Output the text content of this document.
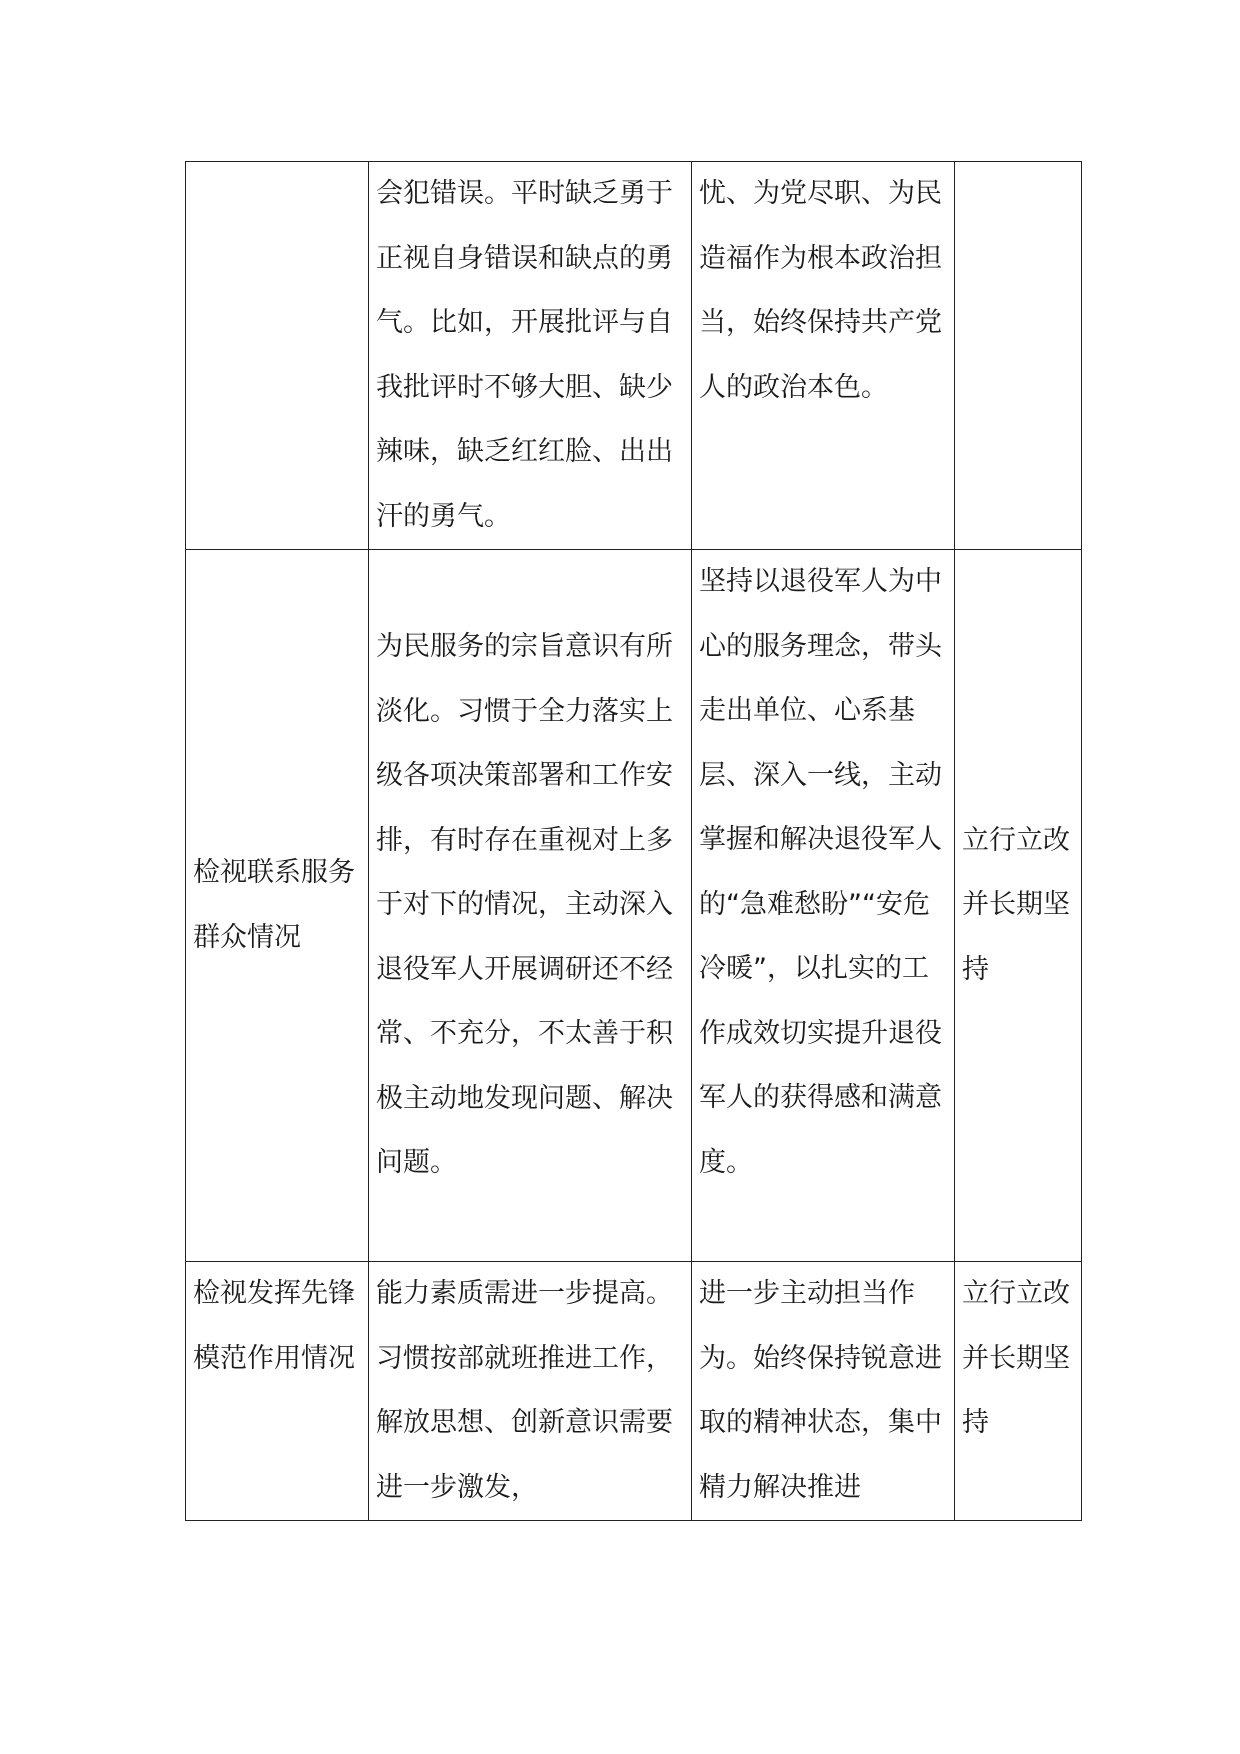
	会犯错误。平时缺乏勇于正视自身错误和缺点的勇气。比如，开展批评与自我批评时不够大胆、缺少辣味，缺乏红红脸、出出汗的勇气。	忧、为党尽职、为民造福作为根本政治担当，始终保持共产党人的政治本色。	
检视联系服务群众情况	为民服务的宗旨意识有所淡化。习惯于全力落实上级各项决策部署和工作安排，有时存在重视对上多于对下的情况，主动深入退役军人开展调研还不经常、不充分，不太善于积极主动地发现问题、解决问题。	坚持以退役军人为中心的服务理念，带头走出单位、心系基层、深入一线，主动掌握和解决退役军人的“急难愁盼”“安危冷暖”，以扎实的工作成效切实提升退役军人的获得感和满意度。	立行立改并长期坚持
检视发挥先锋模范作用情况	能力素质需进一步提高。习惯按部就班推进工作，解放思想、创新意识需要进一步激发，	进一步主动担当作为。始终保持锐意进取的精神状态，集中精力解决推进	立行立改并长期坚持
